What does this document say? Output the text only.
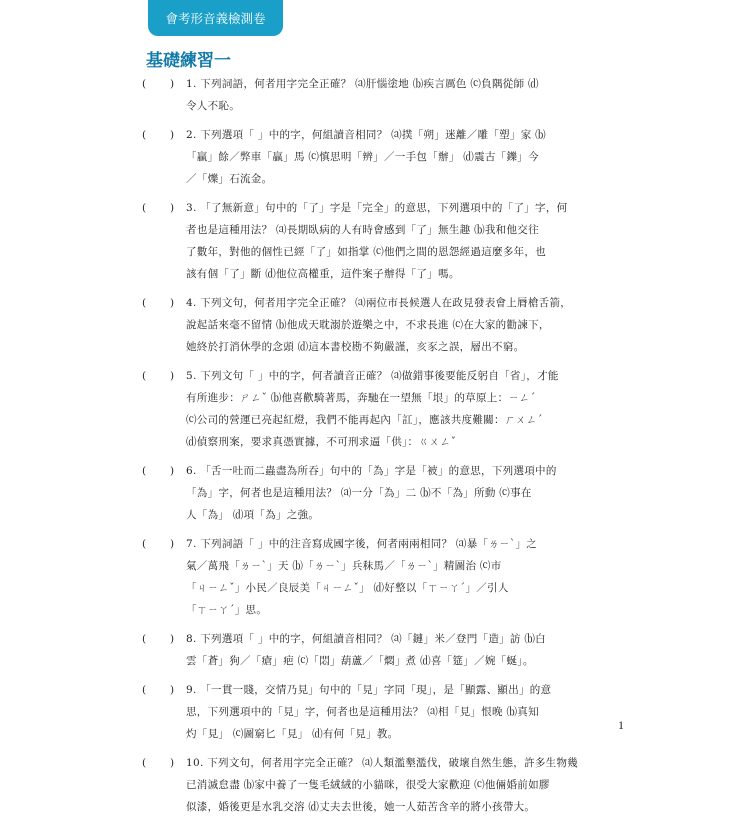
會考形音義檢測卷
基礎練習一
( ) 1. 下列詞語，何者用字完全正確？ ⒜肝惱塗地 ⒝疾言厲色 ⒞負隅從師 ⒟
令人不恥。
( ) 2. 下列選項「 」中的字，何組讀音相同？ ⒜撲「朔」迷離／雕「塑」家 ⒝
「贏」餘／弊車「贏」馬 ⒞慎思明「辨」／一手包「辦」 ⒟震古「鑠」今
／「爍」石流金。
( ) 3. 「了無新意」句中的「了」字是「完全」的意思，下列選項中的「了」字，何
者也是這種用法？ ⒜長期臥病的人有時會感到「了」無生趣 ⒝我和他交往
了數年，對他的個性已經「了」如指掌 ⒞他們之間的恩怨經過這麼多年，也
該有個「了」斷 ⒟他位高權重，這件案子辦得「了」嗎。
( ) 4. 下列文句，何者用字完全正確？ ⒜兩位市長候選人在政見發表會上脣槍舌箭，
說起話來毫不留情 ⒝他成天耽溺於遊樂之中，不求長進 ⒞在大家的勸諫下，
她終於打消休學的念頭 ⒟這本書校勘不夠嚴謹，亥豕之誤，層出不窮。
( ) 5. 下列文句「 」中的字，何者讀音正確？ ⒜做錯事後要能反躬自「省」，才能
有所進步：ㄕㄥˇ ⒝他喜歡騎著馬，奔馳在一望無「垠」的草原上：ㄧㄥˊ
⒞公司的營運已亮起紅燈，我們不能再起內「訌」，應該共度難關：ㄏㄨㄥˊ
⒟偵察刑案，要求真憑實據，不可刑求逼「供」：ㄍㄨㄥˇ
( ) 6. 「舌一吐而二蟲盡為所吞」句中的「為」字是「被」的意思，下列選項中的
「為」字，何者也是這種用法？ ⒜一分「為」二 ⒝不「為」所動 ⒞事在
人「為」 ⒟項「為」之強。
( ) 7. 下列詞語「 」中的注音寫成國字後，何者兩兩相同？ ⒜暴「ㄌㄧˋ」之
氣／萬飛「ㄌㄧˋ」天 ⒝「ㄌㄧˋ」兵秣馬／「ㄌㄧˋ」精圖治 ⒞市
「ㄐㄧㄥˇ」小民／良辰美「ㄐㄧㄥˇ」 ⒟好整以「ㄒㄧㄚˊ」／引人
「ㄒㄧㄚˊ」思。
( ) 8. 下列選項「 」中的字，何組讀音相同？ ⒜「鏈」米／登門「造」訪 ⒝白
雲「蒼」狗／「瘡」疤 ⒞「悶」葫蘆／「燜」煮 ⒟喜「筵」／婉「蜒」。
( ) 9. 「一貫一賤，交情乃見」句中的「見」字同「現」，是「顯露、顯出」的意
思，下列選項中的「見」字，何者也是這種用法？ ⒜相「見」恨晚 ⒝真知
灼「見」 ⒞圖窮匕「見」 ⒟有何「見」教。
( ) 10. 下列文句，何者用字完全正確？ ⒜人類濫墾濫伐，破壞自然生態，許多生物幾
已消滅怠盡 ⒝家中養了一隻毛絨絨的小貓咪，很受大家歡迎 ⒞他倆婚前如膠
似漆，婚後更是水乳交溶 ⒟丈夫去世後，她一人茹苦含辛的將小孩帶大。
1
